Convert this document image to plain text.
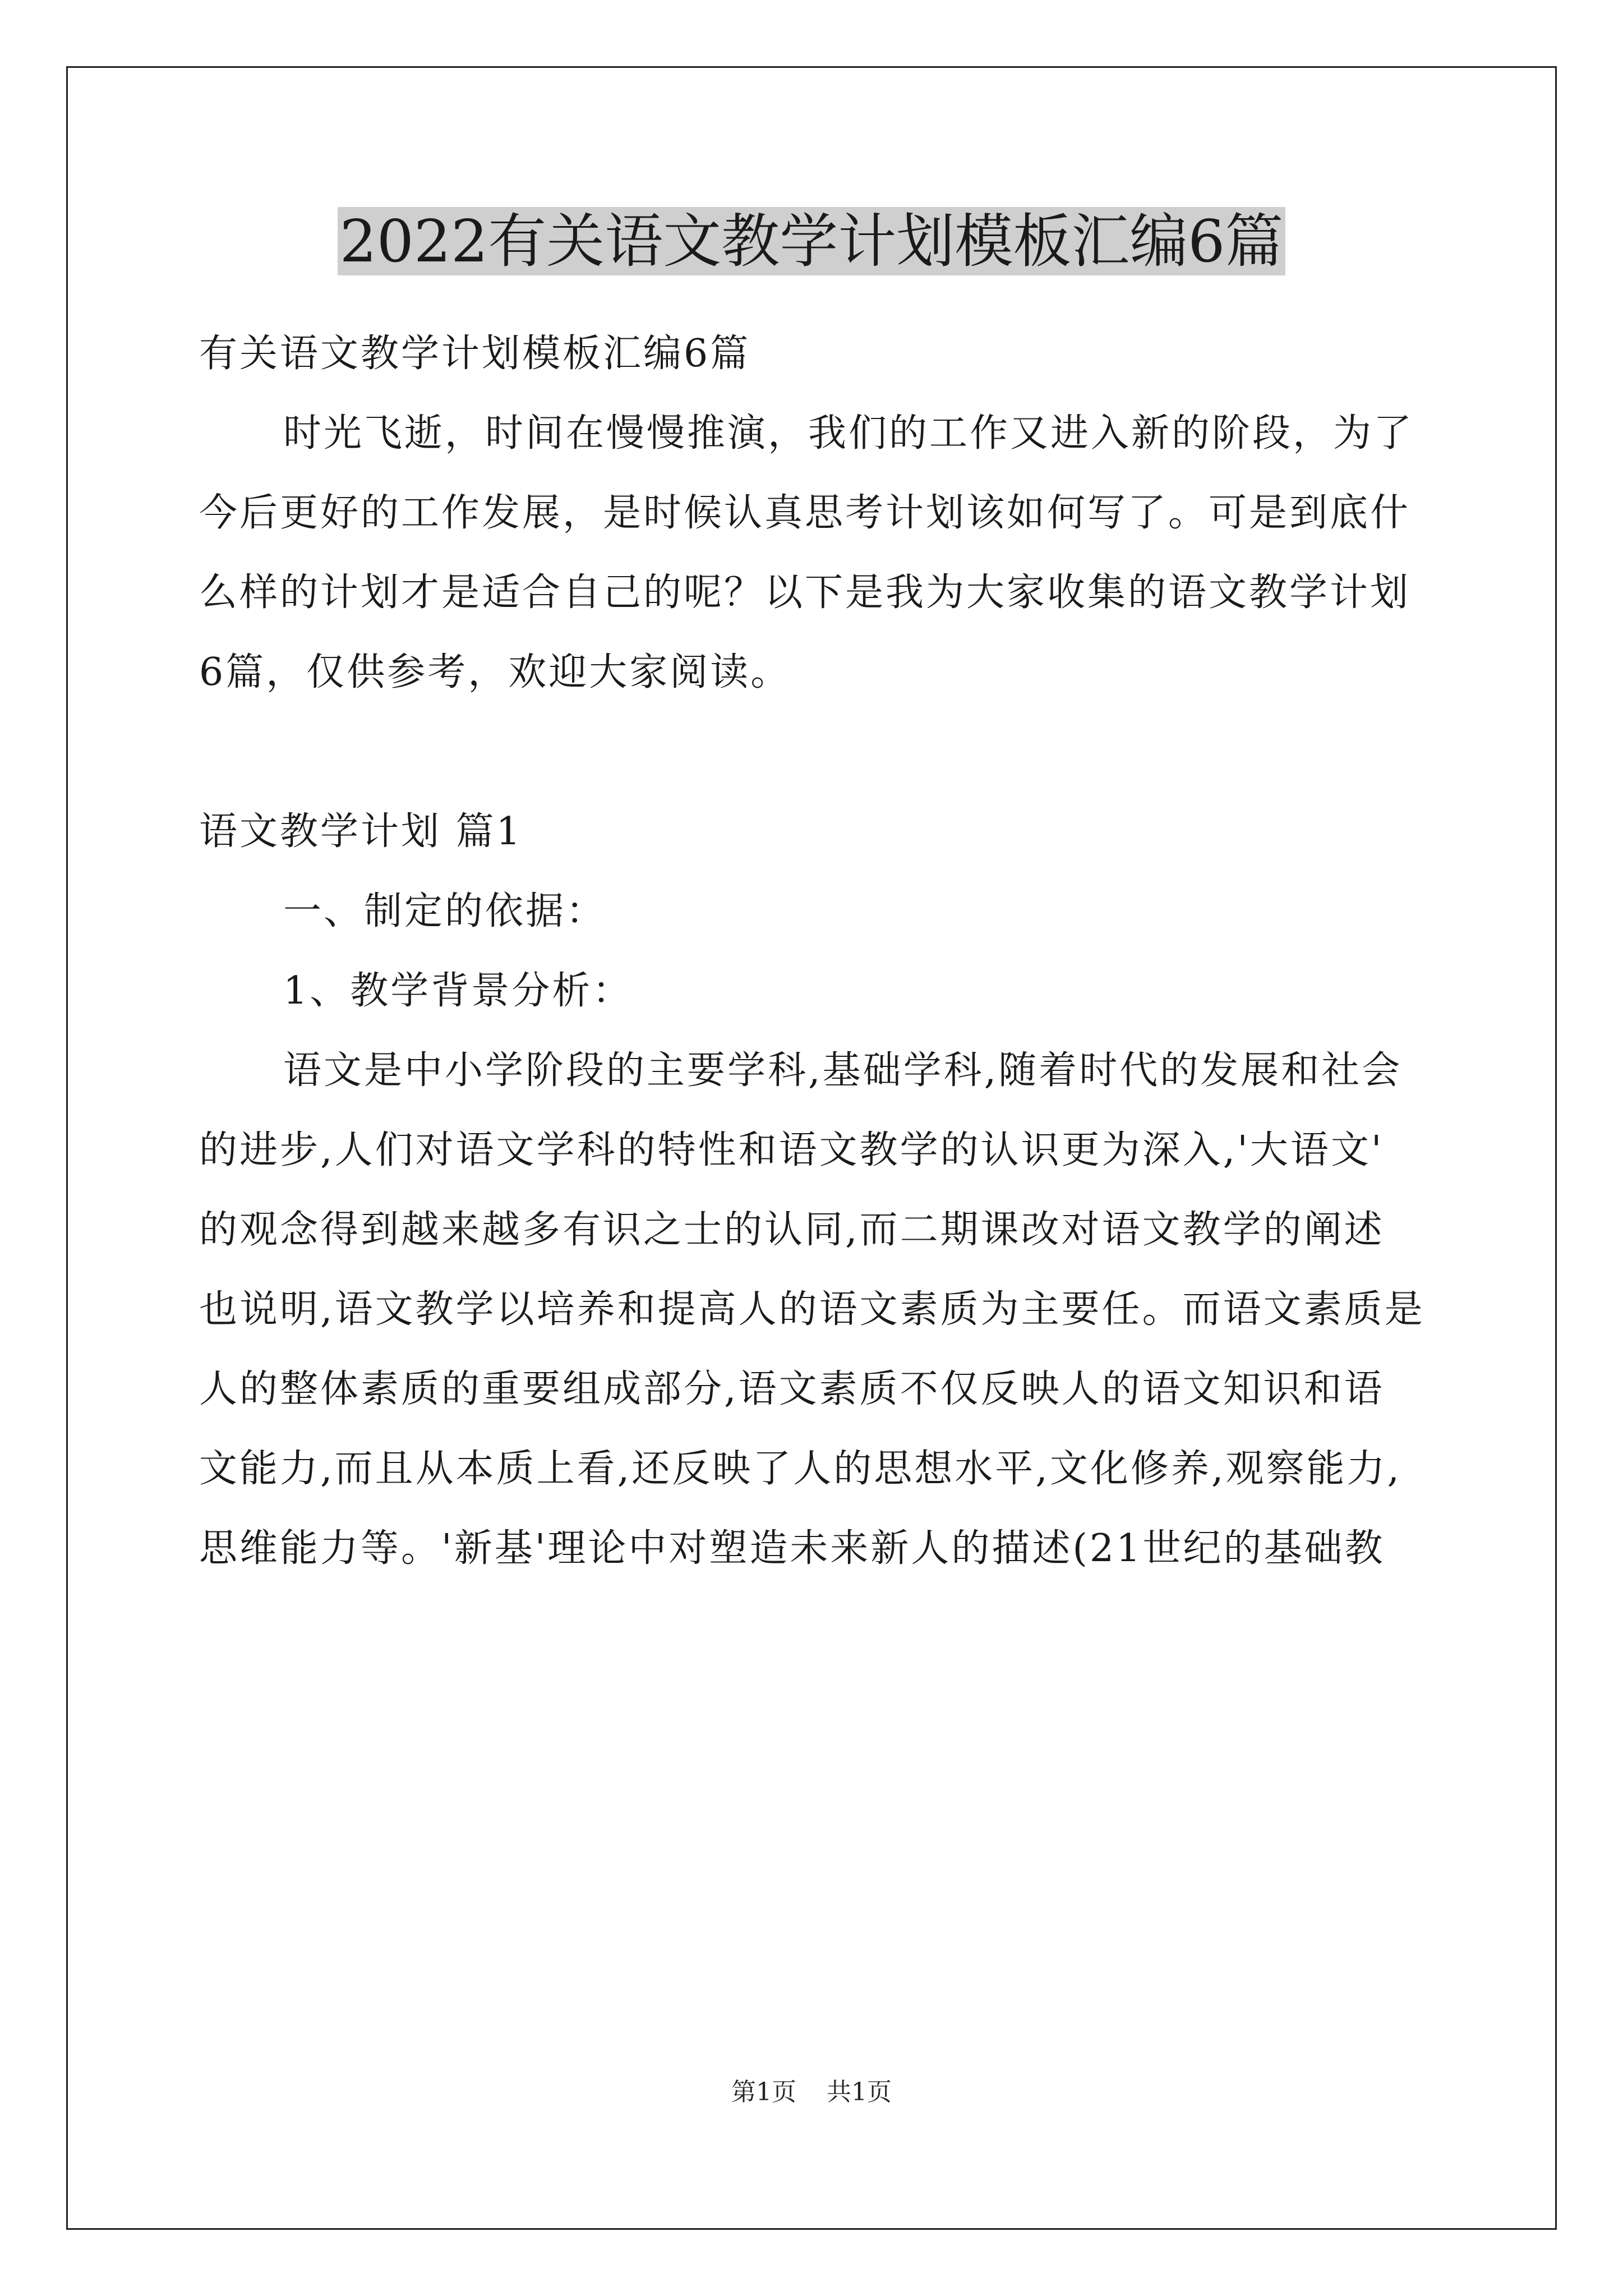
2022有关语文教学计划模板汇编6篇

有关语文教学计划模板汇编6篇

时光飞逝，时间在慢慢推演，我们的工作又进入新的阶段，为了

今后更好的工作发展，是时候认真思考计划该如何写了。可是到底什

么样的计划才是适合自己的呢？以下是我为大家收集的语文教学计划

6篇，仅供参考，欢迎大家阅读。

语文教学计划 篇1

一、制定的依据：

1、教学背景分析：

语文是中小学阶段的主要学科,基础学科,随着时代的发展和社会

的进步,人们对语文学科的特性和语文教学的认识更为深入,'大语文'

的观念得到越来越多有识之士的认同,而二期课改对语文教学的阐述

也说明,语文教学以培养和提高人的语文素质为主要任。而语文素质是

人的整体素质的重要组成部分,语文素质不仅反映人的语文知识和语

文能力,而且从本质上看,还反映了人的思想水平,文化修养,观察能力,

思维能力等。'新基'理论中对塑造未来新人的描述(21世纪的基础教

第1页 共1页
